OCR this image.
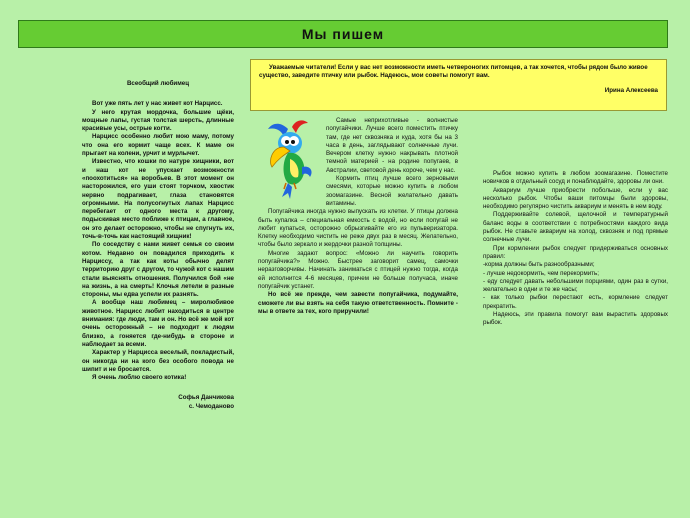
Мы пишем

Уважаемые читатели! Если у вас нет возможности иметь четвероногих питомцев, а так хочется, чтобы рядом было живое существо, заведите птичку или рыбок. Надеюсь, мои советы помогут вам.

Ирина Алексеева

Всеобщий любимец

Вот уже пять лет у нас живет кот Нарцисс.

У него крутая мордочка, большие щёки, мощные лапы, густая толстая шерсть, длинные красивые усы, острые когти.

Нарцисс особенно любит мою маму, потому что она его кормит чаще всех. К маме он прыгает на колени, урчит и мурлычет.

Известно, что кошки по натуре хищники, вот и наш кот не упускает возможности «поохотиться» на воробьев. В этот момент он насторожился, его уши стоят торчком, хвостик нервно подрагивает, глаза становятся огромными. На полусогнутых лапах Нарцисс перебегает от одного места к другому, подыскивая место поближе к птицам, а главное, он это делает осторожно, чтобы не спугнуть их, точь-в-точь как настоящий хищник!

По соседству с нами живет семья со своим котом. Недавно он повадился приходить к Нарциссу, а так как коты обычно делят территорию друг с другом, то чужой кот с нашим стали выяснять отношения. Получился бой «не на жизнь, а на смерть! Клочья летели в разные стороны, мы едва успели их разнять.

А вообще наш любимец – миролюбивое животное. Нарцисс любит находиться в центре внимания: где люди, там и он. Но всё же мой кот очень осторожный – не подходит к людям близко, а гоняется где-нибудь в стороне и наблюдает за всеми.

Характер у Нарцисса веселый, покладистый, он никогда ни на кого без особого повода не шипит и не бросается.

Я очень люблю своего котика!

Софья Данчикова

с. Чемоданово

Самые неприхотливые - волнистые попугайчики. Лучше всего поместить птичку там, где нет сквозняка и куда, хотя бы на 3 часа в день, заглядывают солнечные лучи. Вечером клетку нужно накрывать плотной темной материей - на родине попугаев, в Австралии, световой день короче, чем у нас.

Кормить птиц лучше всего зерновыми смесями, которые можно купить в любом зоомагазине. Весной желательно давать витамины.

Попугайчика иногда нужно выпускать из клетки. У птицы должна быть купалка – специальная емкость с водой, но если попугай не любит купаться, осторожно обрызгивайте его из пульверизатора. Клетку необходимо чистить не реже двух раз в месяц. Желательно, чтобы было зеркало и жердочки разной толщины.

Многие задают вопрос: «Можно ли научить говорить попугайчика?» Можно. Быстрее заговорит самец, самочки неразговорчивы. Начинать заниматься с птицей нужно тогда, когда ей исполнится 4-6 месяцев, причем не больше получаса, иначе попугайчик устанет.

Но всё же прежде, чем завести попугайчика, подумайте, сможете ли вы взять на себя такую ответственность. Помните - мы в ответе за тех, кого приручили!

Рыбок можно купить в любом зоомагазине. Поместите новичков в отдельный сосуд и понаблюдайте, здоровы ли они.

Аквариум лучше приобрести побольше, если у вас несколько рыбок. Чтобы ваши питомцы были здоровы, необходимо регулярно чистить аквариум и менять в нем воду.

Поддерживайте солевой, щелочной и температурный баланс воды в соответствии с потребностями каждого вида рыбок. Не ставьте аквариум на холод, сквозняк и под прямые солнечные лучи.

При кормлении рыбок следует придерживаться основных правил:

-корма должны быть разнообразными;

- лучше недокормить, чем перекормить;

- еду следует давать небольшими порциями, один раз в сутки, желательно в одни и те же часы;

- как только рыбки перестают есть, кормление следует прекратить.

Надеюсь, эти правила помогут вам вырастить здоровых рыбок.
